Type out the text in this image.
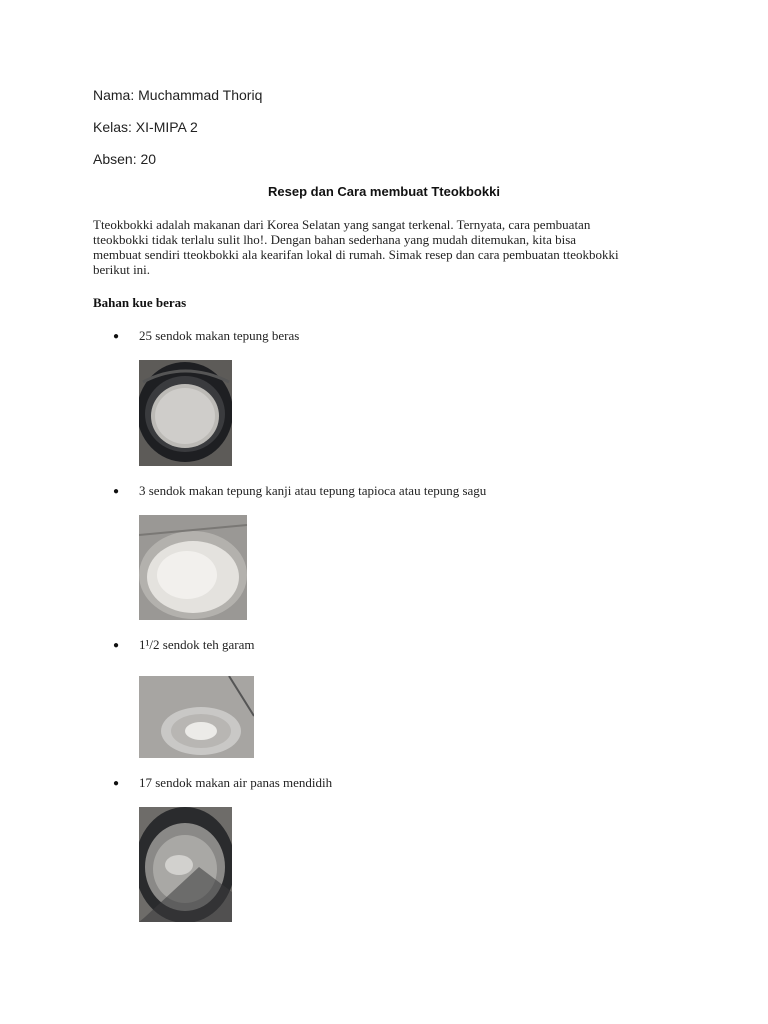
Nama: Muchammad Thoriq
Kelas: XI-MIPA 2
Absen: 20
Resep dan Cara membuat Tteokbokki
Tteokbokki adalah makanan dari Korea Selatan yang sangat terkenal. Ternyata, cara pembuatan
tteokbokki tidak terlalu sulit lho!. Dengan bahan sederhana yang mudah ditemukan, kita bisa
membuat sendiri tteokbokki ala kearifan lokal di rumah. Simak resep dan cara pembuatan tteokbokki
berikut ini.
Bahan kue beras
● 25 sendok makan tepung beras
● 3 sendok makan tepung kanji atau tepung tapioca atau tepung sagu
● 1¹/2 sendok teh garam
● 17 sendok makan air panas mendidih
